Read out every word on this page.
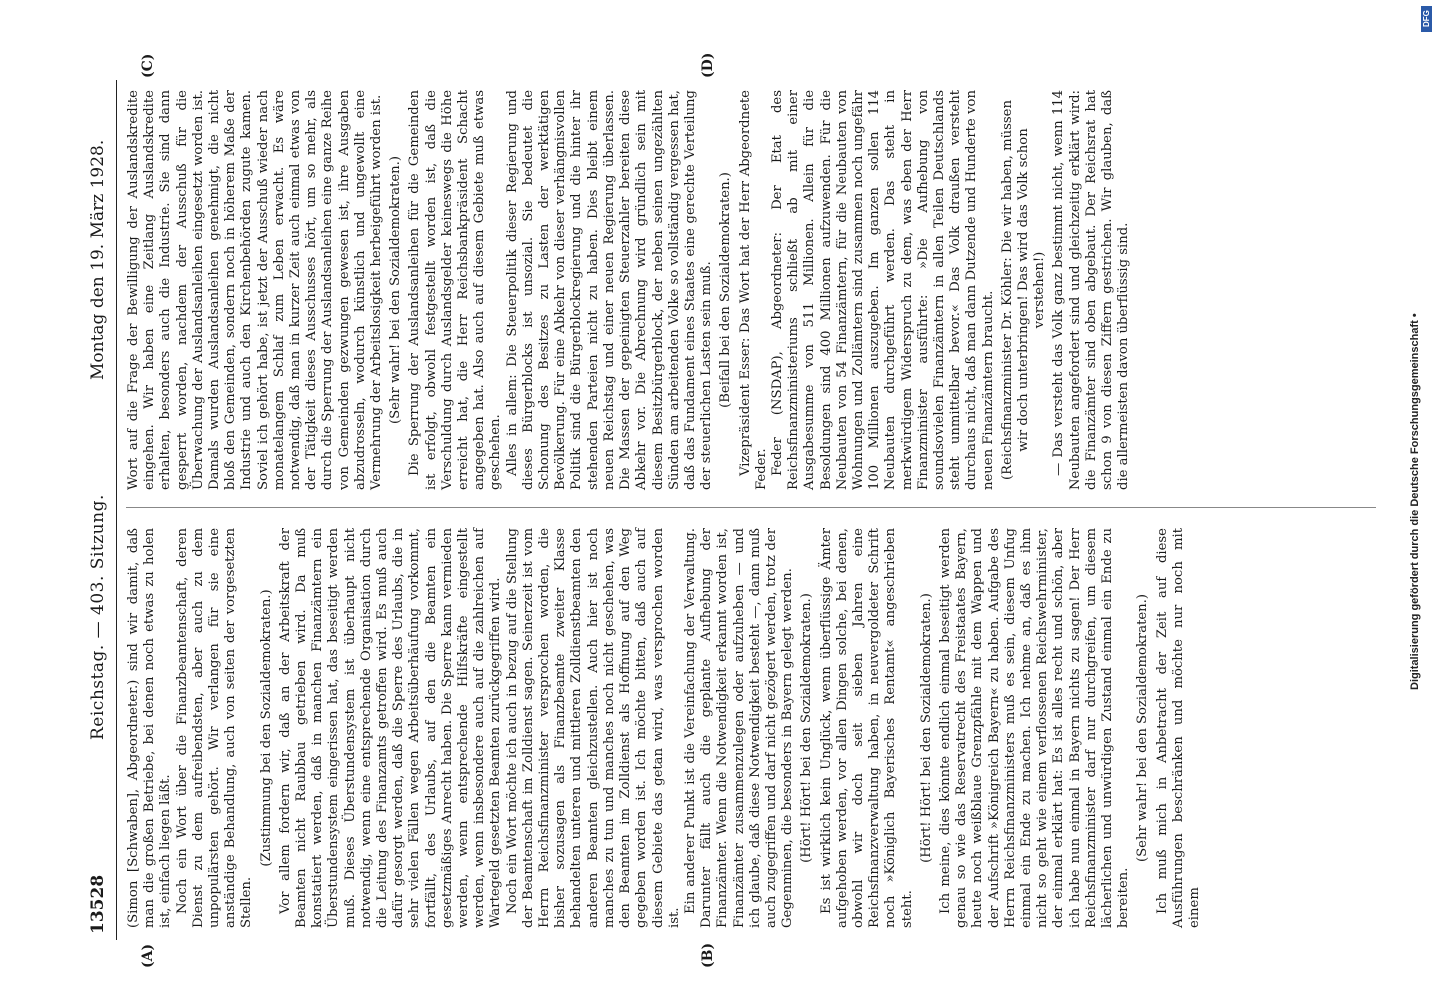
13528
Reichstag. — 403. Sitzung.
Montag den 19. März 1928.

(Simon [Schwaben], Abgeordneter.) sind wir damit, daß man die großen Betriebe, bei denen noch etwas zu holen ist, einfach liegen läßt. Noch ein Wort über die Finanzbeamtenschaft, deren Dienst zu dem aufreibendsten, aber auch zu dem unpopulärsten gehört. Wir verlangen für sie eine anständige Behandlung, auch von seiten der vorgesetzten Stellen.

(Zustimmung bei den Sozialdemokraten.) Vor allem fordern wir, daß an der Arbeitskraft der Beamten nicht Raubbau getrieben wird. Da muß konstatiert werden, daß in manchen Finanzämtern ein Überstundensystem eingerissen hat, das beseitigt werden muß. Dieses Überstundensystem ist überhaupt nicht notwendig, wenn eine entsprechende Organisation durch die Leitung des Finanzamts getroffen wird. Es muß auch dafür gesorgt werden, daß die Sperre des Urlaubs, die in sehr vielen Fällen wegen Arbeitsüberhäufung vorkommt, fortfällt, des Urlaubs, auf den die Beamten ein gesetzmäßiges Anrecht haben. Die Sperre kann vermieden werden, wenn entsprechende Hilfskräfte eingestellt werden, wenn insbesondere auch auf die zahlreichen auf Wartegeld gesetzten Beamten zurückgegriffen wird. Noch ein Wort möchte ich auch in bezug auf die Stellung der Beamtenschaft im Zolldienst sagen. Seinerzeit ist vom Herrn Reichsfinanzminister versprochen worden, die bisher sozusagen als Finanzbeamte zweiter Klasse behandelten unteren und mittleren Zolldienstbeamten den anderen Beamten gleichzustellen. Auch hier ist noch manches zu tun und manches noch nicht geschehen, was den Beamten im Zolldienst als Hoffnung auf den Weg gegeben worden ist. Ich möchte bitten, daß auch auf diesem Gebiete das getan wird, was versprochen worden ist.

Ein anderer Punkt ist die Vereinfachung der Verwaltung. Darunter fällt auch die geplante Aufhebung der Finanzämter. Wenn die Notwendigkeit erkannt worden ist, Finanzämter zusammenzulegen oder aufzuheben — und ich glaube, daß diese Notwendigkeit besteht —, dann muß auch zugegriffen und darf nicht gezögert werden, trotz der Gegenminen, die besonders in Bayern gelegt werden. (Hört! Hört! bei den Sozialdemokraten.) Es ist wirklich kein Unglück, wenn überflüssige Ämter aufgehoben werden, vor allen Dingen solche, bei denen, obwohl wir doch seit sieben Jahren eine Reichsfinanzverwaltung haben, in neuvergoldeter Schrift noch »Königlich Bayerisches Rentamt« angeschrieben steht.

(Hört! Hört! bei den Sozialdemokraten.) Ich meine, dies könnte endlich einmal beseitigt werden genau so wie das Reservatrecht des Freistaates Bayern, heute noch weißblaue Grenzpfähle mit dem Wappen und der Aufschrift »Königreich Bayern« zu haben. Aufgabe des Herrn Reichsfinanzministers muß es sein, diesem Unfug einmal ein Ende zu machen. Ich nehme an, daß es ihm nicht so geht wie einem verflossenen Reichswehrminister, der einmal erklärt hat: Es ist alles recht und schön, aber ich habe nun einmal in Bayern nichts zu sagen! Der Herr Reichsfinanzminister darf nur durchgreifen, um diesem lächerlichen und unwürdigen Zustand einmal ein Ende zu bereiten.

(Sehr wahr! bei den Sozialdemokraten.) Ich muß mich in Anbetracht der Zeit auf diese Ausführungen beschränken und möchte nur noch mit einem

Wort auf die Frage der Bewilligung der Auslandskredite eingehen. Wir haben eine Zeitlang Auslandskredite erhalten, besonders auch die Industrie. Sie sind dann gesperrt worden, nachdem der Ausschuß für die Überwachung der Auslandsanleihen eingesetzt worden ist. Damals wurden Auslandsanleihen genehmigt, die nicht bloß den Gemeinden, sondern noch in höherem Maße der Industrie und auch den Kirchenbehörden zugute kamen. Soviel ich gehört habe, ist jetzt der Ausschuß wieder nach monatelangem Schlaf zum Leben erwacht. Es wäre notwendig, daß man in kurzer Zeit auch einmal etwas von der Tätigkeit dieses Ausschusses hört, um so mehr, als durch die Sperrung der Auslandsanleihen eine ganze Reihe von Gemeinden gezwungen gewesen ist, ihre Ausgaben abzudrosseln, wodurch künstlich und ungewollt eine Vermehrung der Arbeitslosigkeit herbeigeführt worden ist. (Sehr wahr! bei den Sozialdemokraten.) Die Sperrung der Auslandsanleihen für die Gemeinden ist erfolgt, obwohl festgestellt worden ist, daß die Verschuldung durch Auslandsgelder keineswegs die Höhe erreicht hat, die Herr Reichsbankpräsident Schacht angegeben hat. Also auch auf diesem Gebiete muß etwas geschehen. Alles in allem: Die Steuerpolitik dieser Regierung und dieses Bürgerblocks ist unsozial. Sie bedeutet die Schonung des Besitzes zu Lasten der werktätigen Bevölkerung. Für eine Abkehr von dieser verhängnisvollen Politik sind die Bürgerblockregierung und die hinter ihr stehenden Parteien nicht zu haben. Dies bleibt einem neuen Reichstag und einer neuen Regierung überlassen. Die Massen der gepeinigten Steuerzahler bereiten diese Abkehr vor. Die Abrechnung wird gründlich sein mit diesem Besitzbürgerblock, der neben seinen ungezählten Sünden am arbeitenden Volke so vollständig vergessen hat, daß das Fundament eines Staates eine gerechte Verteilung der steuerlichen Lasten sein muß. (Beifall bei den Sozialdemokraten.) Vizepräsident Esser: Das Wort hat der Herr Abgeordnete Feder. Feder (NSDAP), Abgeordneter: Der Etat des Reichsfinanzministeriums schließt ab mit einer Ausgabesumme von 511 Millionen. Allein für die Besoldungen sind 400 Millionen aufzuwenden. Für die Neubauten von 54 Finanzämtern, für die Neubauten von Wohnungen und Zollämtern sind zusammen noch ungefähr 100 Millionen auszugeben. Im ganzen sollen 114 Neubauten durchgeführt werden. Das steht in merkwürdigem Widerspruch zu dem, was eben der Herr Finanzminister ausführte: »Die Aufhebung von soundsovielen Finanzämtern in allen Teilen Deutschlands steht unmittelbar bevor.« Das Volk draußen versteht durchaus nicht, daß man dann Dutzende und Hunderte von neuen Finanzämtern braucht. (Reichsfinanzminister Dr. Köhler: Die wir haben, müssen wir doch unterbringen! Das wird das Volk schon verstehen!) — Das versteht das Volk ganz bestimmt nicht, wenn 114 Neubauten angefordert sind und gleichzeitig erklärt wird: die Finanzämter sind oben abgebaut. Der Reichsrat hat schon 9 von diesen Ziffern gestrichen. Wir glauben, daß die allermeisten davon überflüssig sind.

(A)	(B)
(C)	(D)
Digitalisierung gefördert durch die Deutsche Forschungsgemeinschaft •
DFG
